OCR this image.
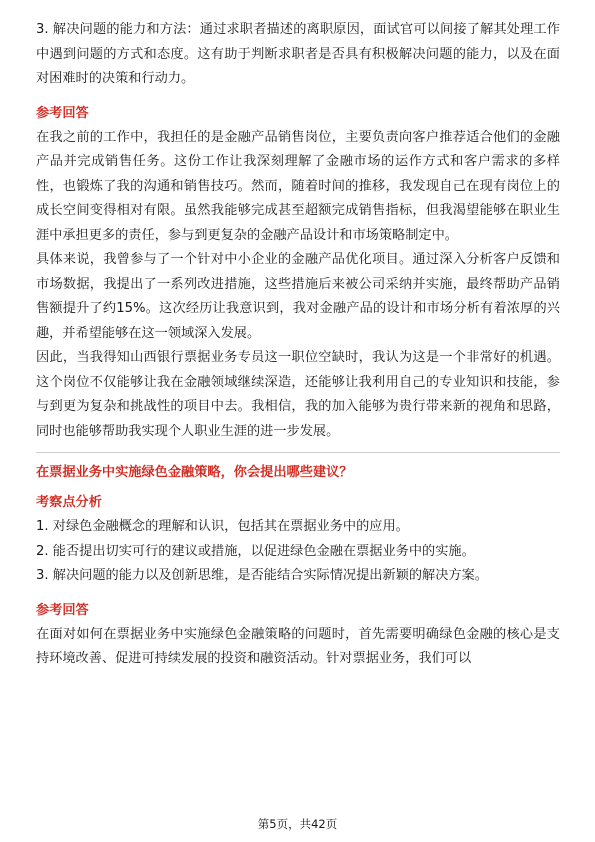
3. 解决问题的能力和方法：通过求职者描述的离职原因，面试官可以间接了解其处理工作中遇到问题的方式和态度。这有助于判断求职者是否具有积极解决问题的能力，以及在面对困难时的决策和行动力。

参考回答

在我之前的工作中，我担任的是金融产品销售岗位，主要负责向客户推荐适合他们的金融产品并完成销售任务。这份工作让我深刻理解了金融市场的运作方式和客户需求的多样性，也锻炼了我的沟通和销售技巧。然而，随着时间的推移，我发现自己在现有岗位上的成长空间变得相对有限。虽然我能够完成甚至超额完成销售指标，但我渴望能够在职业生涯中承担更多的责任，参与到更复杂的金融产品设计和市场策略制定中。

具体来说，我曾参与了一个针对中小企业的金融产品优化项目。通过深入分析客户反馈和市场数据，我提出了一系列改进措施，这些措施后来被公司采纳并实施，最终帮助产品销售额提升了约15%。这次经历让我意识到，我对金融产品的设计和市场分析有着浓厚的兴趣，并希望能够在这一领域深入发展。

因此，当我得知山西银行票据业务专员这一职位空缺时，我认为这是一个非常好的机遇。这个岗位不仅能够让我在金融领域继续深造，还能够让我利用自己的专业知识和技能，参与到更为复杂和挑战性的项目中去。我相信，我的加入能够为贵行带来新的视角和思路，同时也能够帮助我实现个人职业生涯的进一步发展。

在票据业务中实施绿色金融策略，你会提出哪些建议？

考察点分析

1. 对绿色金融概念的理解和认识，包括其在票据业务中的应用。

2. 能否提出切实可行的建议或措施，以促进绿色金融在票据业务中的实施。

3. 解决问题的能力以及创新思维，是否能结合实际情况提出新颖的解决方案。

参考回答

在面对如何在票据业务中实施绿色金融策略的问题时，首先需要明确绿色金融的核心是支持环境改善、促进可持续发展的投资和融资活动。针对票据业务，我们可以

第5页，共42页
